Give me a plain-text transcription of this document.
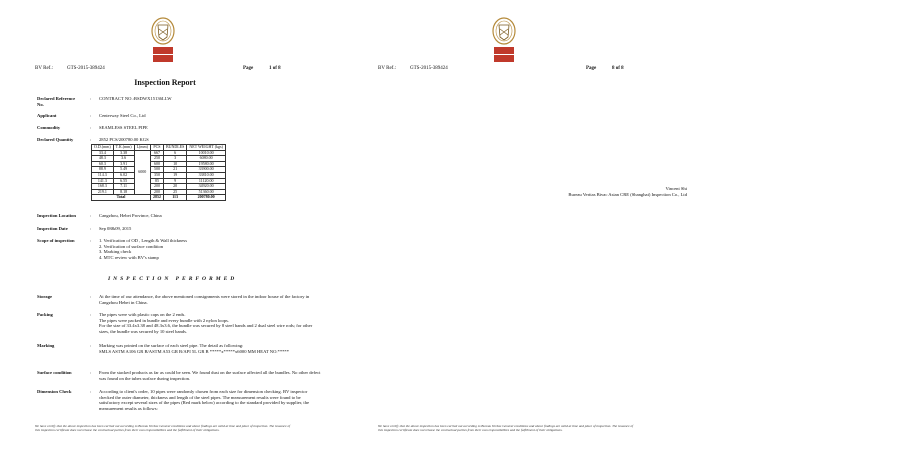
BV Ref.:	GTS-2015-389424	Page	1 of 8
Inspection Report
Declared Reference No.
: CONTRACT NO.:BSDWX15136LLW
Applicant	: Centerway Steel Co., Ltd
Commodity	: SEAMLESS STEEL PIPE
Declared Quantity	: 2852 PCS/200780.00 KGS
O.D.(mm)	T.K.(mm)	L(mm)	PCS	BUNDLES	NET WEIGHT (kgs)
33.4	3.38	6000	667	6	10010.00
48.3	3.6		250	3	6080.00
60.3	3.91		600	10	19580.00
88.9	5.49		500	21	33900.00
114.3	6.02		350	19	33810.00
141.3	6.55		85	9	11120.00
168.3	7.11		200	20	34920.00
219.1	8.18		200	25	51360.00
Total			2852	113	200780.00
Inspection Location	: Cangzhou, Hebei Province, China
Inspection Date	: Sep 08&09, 2015
Scope of inspection	: 1. Verification of OD , Length & Wall thickness
2. Verification of surface condition
3. Marking check
4. MTC review with BV's stamp
INSPECTION PERFORMED
Storage	: At the time of our attendance, the above mentioned consignments were stored in the indoor house of the factory in Cangzhou Hebei in China.
Packing	: The pipes were with plastic caps on the 2 ends.
The pipes were packed in bundle and every bundle with 2 nylon loops.
For the size of 33.4x3.38 and 48.3x3.6, the bundle was secured by 8 steel bands and 2 dual steel wire rods; for other sizes, the bundle was secured by 10 steel bands.
Marking	: Marking was printed on the surface of each steel pipe. The detail as following:
SMLS ASTM A106 GR B/ASTM A53 GR B/API 5L GR B *****x*****x6000 MM HEAT NO.*****
Surface condition	: From the stacked products as far as could be seen. We found dust on the surface affected all the bundles. No other defect was found on the tubes surface during inspection.
Dimension Check	: According to client's order, 10 pipes were randomly chosen from each size for dimension checking. BV inspector checked the outer diameter, thickness and length of the steel pipes. The measurement results were found to be satisfactory except several sizes of the pipes (Red mark below) according to the standard provided by supplier, the measurement results as follows:
We have certify that the above inspection has been carried out according to Bureau Veritas General conditions and above findings are valid at time and place of inspection. The issuance of this inspection certificate does not release the contractual parties from their own responsibilities and the fulfillment of their obligations.
BV Ref.:	GTS-2015-389424	Page	8 of 8
Vincent Shi
Bureau Veritas Bivac Asian CRE (Shanghai) Inspection Co., Ltd
We have certify that the above inspection has been carried out according to Bureau Veritas General conditions and above findings are valid at time and place of inspection. The issuance of this inspection certificate does not release the contractual parties from their own responsibilities and the fulfillment of their obligations.
